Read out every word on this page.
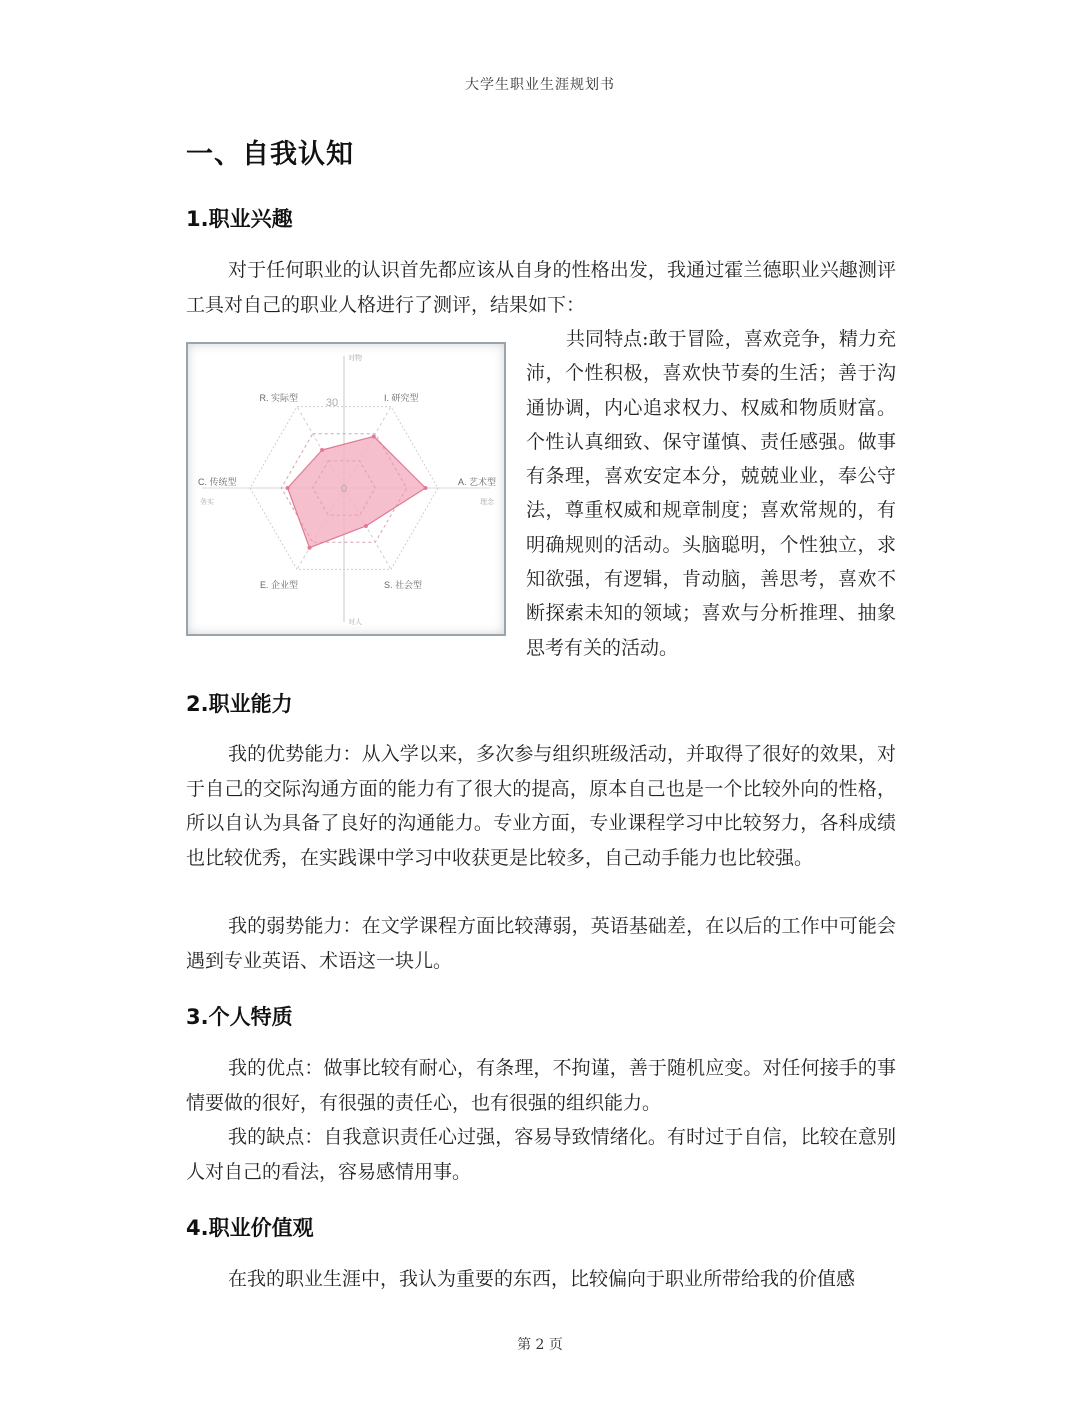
大学生职业生涯规划书
一、自我认知
1.职业兴趣
对于任何职业的认识首先都应该从自身的性格出发，我通过霍兰德职业兴趣测评工具对自己的职业人格进行了测评，结果如下：
R. 实际型	I. 研究型
A. 艺术型
S. 社会型
E. 企业型
C. 传统型
30
0
对物
对人
务实	理念
共同特点:敢于冒险，喜欢竞争，精力充沛，个性积极，喜欢快节奏的生活；善于沟通协调，内心追求权力、权威和物质财富。个性认真细致、保守谨慎、责任感强。做事有条理，喜欢安定本分，兢兢业业，奉公守法，尊重权威和规章制度；喜欢常规的，有明确规则的活动。头脑聪明，个性独立，求知欲强，有逻辑，肯动脑，善思考，喜欢不断探索未知的领域；喜欢与分析推理、抽象思考有关的活动。
2.职业能力
我的优势能力：从入学以来，多次参与组织班级活动，并取得了很好的效果，对于自己的交际沟通方面的能力有了很大的提高，原本自己也是一个比较外向的性格，所以自认为具备了良好的沟通能力。专业方面，专业课程学习中比较努力，各科成绩也比较优秀，在实践课中学习中收获更是比较多，自己动手能力也比较强。
我的弱势能力：在文学课程方面比较薄弱，英语基础差，在以后的工作中可能会遇到专业英语、术语这一块儿。
3.个人特质
我的优点：做事比较有耐心，有条理，不拘谨，善于随机应变。对任何接手的事情要做的很好，有很强的责任心，也有很强的组织能力。
我的缺点：自我意识责任心过强，容易导致情绪化。有时过于自信，比较在意别人对自己的看法，容易感情用事。
4.职业价值观
在我的职业生涯中，我认为重要的东西，比较偏向于职业所带给我的价值感
第 2 页
